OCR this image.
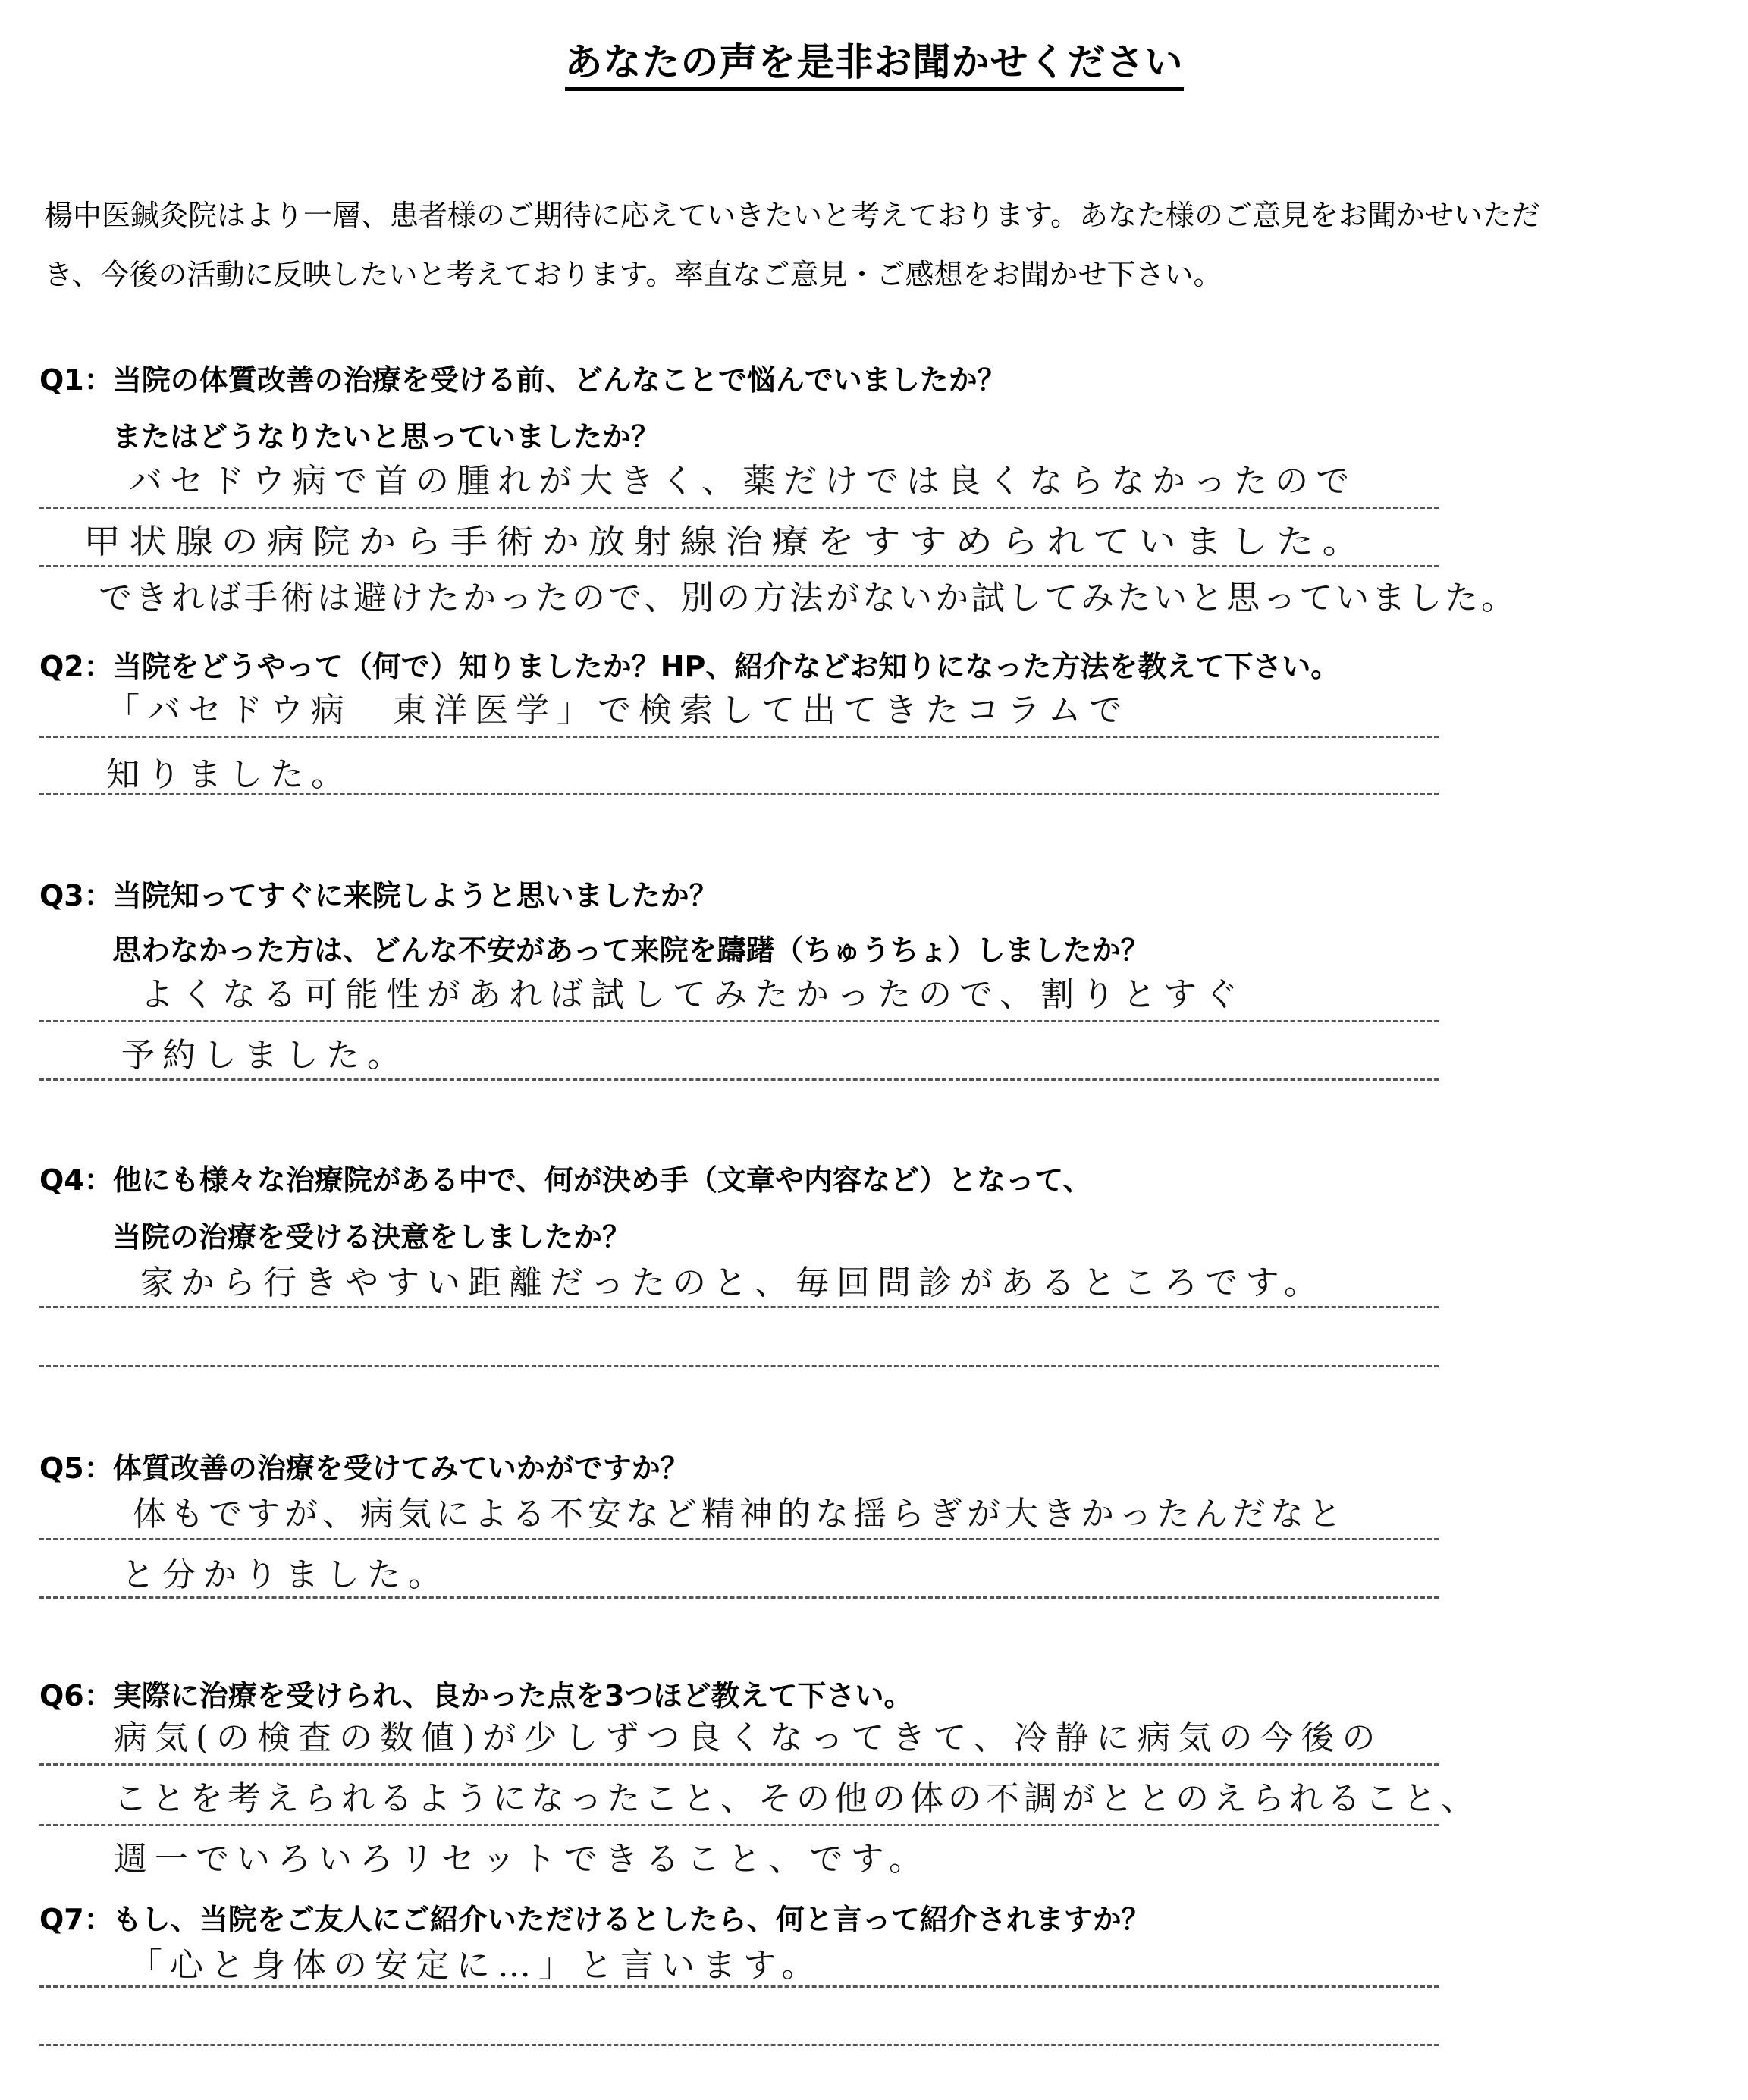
あなたの声を是非お聞かせください
楊中医鍼灸院はより一層、患者様のご期待に応えていきたいと考えております。あなた様のご意見をお聞かせいただ
き、今後の活動に反映したいと考えております。率直なご意見・ご感想をお聞かせ下さい。
Q1：当院の体質改善の治療を受ける前、どんなことで悩んでいましたか？
またはどうなりたいと思っていましたか？
バセドウ病で首の腫れが大きく、薬だけでは良くならなかったので
甲状腺の病院から手術か放射線治療をすすめられていました。
できれば手術は避けたかったので、別の方法がないか試してみたいと思っていました。
Q2：当院をどうやって（何で）知りましたか？HP、紹介などお知りになった方法を教えて下さい。
「バセドウ病　東洋医学」で検索して出てきたコラムで
知りました。
Q3：当院知ってすぐに来院しようと思いましたか？
思わなかった方は、どんな不安があって来院を躊躇（ちゅうちょ）しましたか？
よくなる可能性があれば試してみたかったので、割りとすぐ
予約しました。
Q4：他にも様々な治療院がある中で、何が決め手（文章や内容など）となって、
当院の治療を受ける決意をしましたか？
家から行きやすい距離だったのと、毎回問診があるところです。
Q5：体質改善の治療を受けてみていかがですか？
体もですが、病気による不安など精神的な揺らぎが大きかったんだなと
と分かりました。
Q6：実際に治療を受けられ、良かった点を3つほど教えて下さい。
病気(の検査の数値)が少しずつ良くなってきて、冷静に病気の今後の
ことを考えられるようになったこと、その他の体の不調がととのえられること、
週一でいろいろリセットできること、です。
Q7：もし、当院をご友人にご紹介いただけるとしたら、何と言って紹介されますか？
「心と身体の安定に…」と言います。
